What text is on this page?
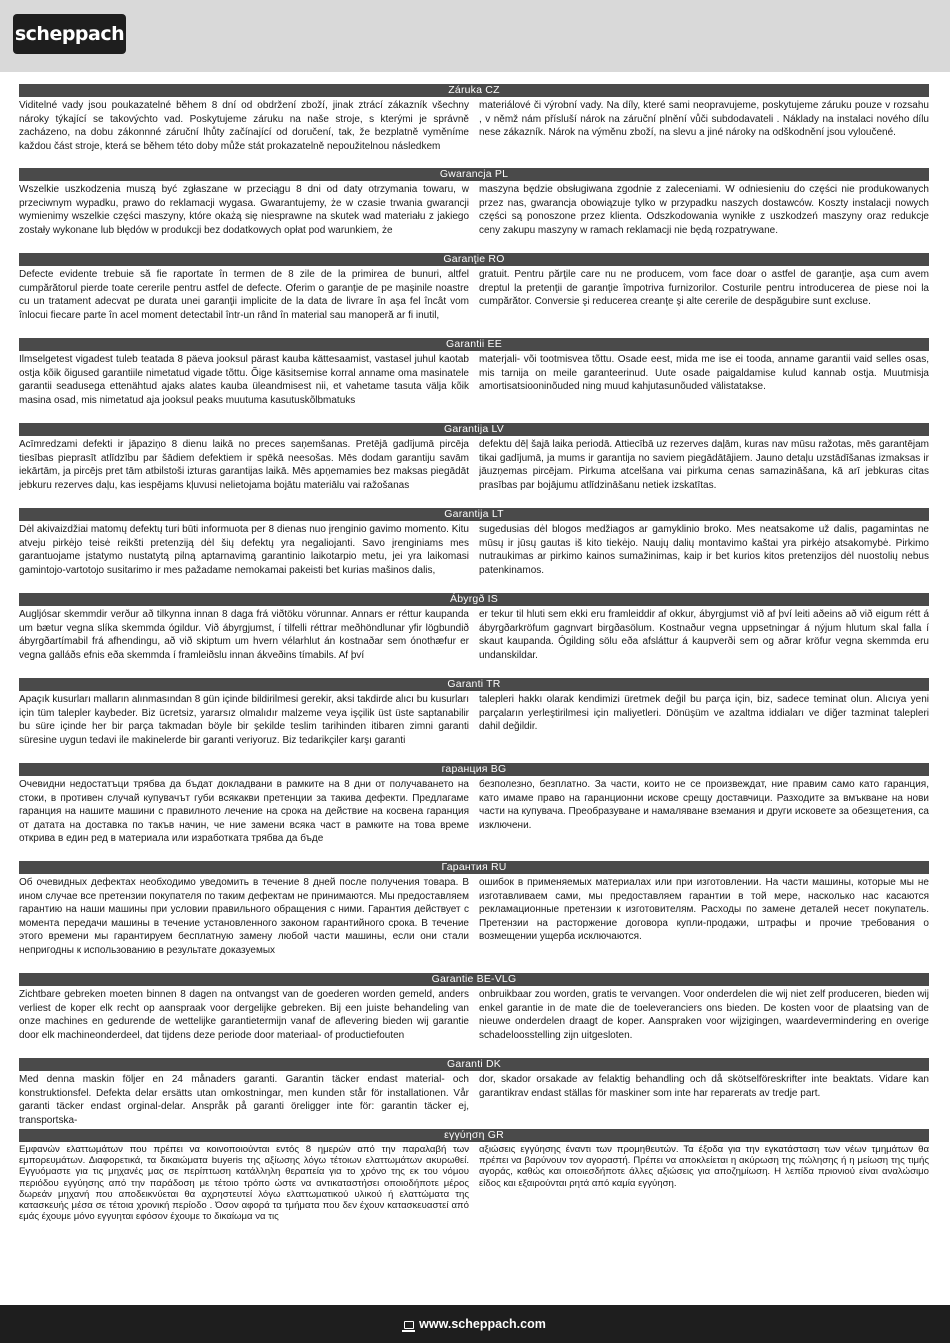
scheppach
Záruka CZ
Viditelné vady jsou poukazatelné během 8 dní od obdržení zboží, jinak ztrácí zákazník všechny nároky týkající se takovýchto vad. Poskytujeme záruku na naše stroje, s kterými je správně zacházeno, na dobu zákonnné záruční lhůty začínající od doručení, tak, že bezplatně vyměníme každou část stroje, která se během této doby může stát prokazatelně nepoužitelnou následkem
materiálové či výrobní vady. Na díly, které sami neopravujeme, poskytujeme záruku pouze v rozsahu , v němž nám přísluší nárok na záruční plnění vůči subdodavateli . Náklady na instalaci nového dílu nese zákazník. Nárok na výměnu zboží, na slevu a jiné nároky na odškodnění jsou vyloučené.
Gwarancja PL
Wszelkie uszkodzenia muszą być zgłaszane w przeciągu 8 dni od daty otrzymania towaru, w przeciwnym wypadku, prawo do reklamacji wygasa. Gwarantujemy, że w czasie trwania gwarancji wymienimy wszelkie części maszyny, które okażą się niesprawne na skutek wad materiału z jakiego zostały wykonane lub błędów w produkcji bez dodatkowych opłat pod warunkiem, że
maszyna będzie obsługiwana zgodnie z zaleceniami. W odniesieniu do części nie produkowanych przez nas, gwarancja obowiązuje tylko w przypadku naszych dostawców. Koszty instalacji nowych części są ponoszone przez klienta. Odszkodowania wynikłe z uszkodzeń maszyny oraz redukcje ceny zakupu maszyny w ramach reklamacji nie będą rozpatrywane.
Garanţie RO
Defecte evidente trebuie să fie raportate în termen de 8 zile de la primirea de bunuri, altfel cumpărătorul pierde toate cererile pentru astfel de defecte. Oferim o garanţie de pe maşinile noastre cu un tratament adecvat pe durata unei garanţii implicite de la data de livrare în aşa fel încât vom înlocui fiecare parte în acel moment detectabil într-un rând în material sau manoperă ar fi inutil,
gratuit. Pentru părţile care nu ne producem, vom face doar o astfel de garanţie, aşa cum avem dreptul la pretenţii de garanţie împotriva furnizorilor. Costurile pentru introducerea de piese noi la cumpărător. Conversie şi reducerea creanţe şi alte cererile de despăgubire sunt excluse.
Garantii EE
Ilmselgetest vigadest tuleb teatada 8 päeva jooksul pärast kauba kättesaamist, vastasel juhul kaotab ostja kõik õigused garantiile nimetatud vigade tõttu. Õige käsitsemise korral anname oma masinatele garantii seadusega ettenähtud ajaks alates kauba üleandmisest nii, et vahetame tasuta välja kõik masina osad, mis nimetatud aja jooksul peaks muutuma kasutuskõlbmatuks
materjali- või tootmisvea tõttu. Osade eest, mida me ise ei tooda, anname garantii vaid selles osas, mis tarnija on meile garanteerinud. Uute osade paigaldamise kulud kannab ostja. Muutmisja amortisatsiooninõuded ning muud kahjutasunõuded välistatakse.
Garantija LV
Acīmredzami defekti ir jāpaziņo 8 dienu laikā no preces saņemšanas. Pretējā gadījumā pircēja tiesības pieprasīt atlīdzību par šādiem defektiem ir spēkā neesošas. Mēs dodam garantiju savām iekārtām, ja pircējs pret tām atbilstoši izturas garantijas laikā. Mēs apņemamies bez maksas piegādāt jebkuru rezerves daļu, kas iespējams kļuvusi nelietojama bojātu materiālu vai ražošanas
defektu dēļ šajā laika periodā. Attiecībā uz rezerves daļām, kuras nav mūsu ražotas, mēs garantējam tikai gadījumā, ja mums ir garantija no saviem piegādātājiem. Jauno detaļu uzstādīšanas izmaksas ir jāuzņemas pircējam. Pirkuma atcelšana vai pirkuma cenas samazināšana, kā arī jebkuras citas prasības par bojājumu atlīdzināšanu netiek izskatītas.
Garantija LT
Dėl akivaizdžiai matomų defektų turi būti informuota per 8 dienas nuo įrenginio gavimo momento. Kitu atveju pirkėjo teisė reikšti pretenziją dėl šių defektų yra negaliojanti. Savo įrenginiams mes garantuojame įstatymo nustatytą pilną aptarnavimą garantinio laikotarpio metu, jei yra laikomasi gamintojo-vartotojo susitarimo ir mes pažadame nemokamai pakeisti bet kurias mašinos dalis,
sugedusias dėl blogos medžiagos ar gamyklinio broko. Mes neatsakome už dalis, pagamintas ne mūsų ir jūsų gautas iš kito tiekėjo. Naujų dalių montavimo kaštai yra pirkėjo atsakomybė. Pirkimo nutraukimas ar pirkimo kainos sumažinimas, kaip ir bet kurios kitos pretenzijos dėl nuostolių nebus patenkinamos.
Ábyrgð IS
Augljósar skemmdir verður að tilkynna innan 8 daga frá viðtöku vörunnar. Annars er réttur kaupanda um bætur vegna slíka skemmda ógildur. Við ábyrgjumst, í tilfelli réttrar meðhöndlunar yfir lögbundið ábyrgðartímabil frá afhendingu, að við skiptum um hvern vélarhlut án kostnaðar sem ónothæfur er vegna galláðs efnis eða skemmda í framleiðslu innan ákveðins tímabils. Af því
er tekur til hluti sem ekki eru framleiddir af okkur, ábyrgjumst við af því leiti aðeins að við eigum rétt á ábyrgðarkröfum gagnvart birgðasölum. Kostnaður vegna uppsetningar á nýjum hlutum skal falla í skaut kaupanda. Ógilding sölu eða afsláttur á kaupverði sem og aðrar kröfur vegna skemmda eru undanskildar.
Garanti TR
Apaçık kusurları malların alınmasından 8 gün içinde bildirilmesi gerekir, aksi takdirde alıcı bu kusurları için tüm talepler kaybeder. Biz ücretsiz, yararsız olmalıdır malzeme veya işçilik üst üste saptanabilir bu süre içinde her bir parça takmadan böyle bir şekilde teslim tarihinden itibaren zimni garanti süresine uygun tedavi ile makinelerde bir garanti veriyoruz. Biz tedarikçiler karşı garanti
talepleri hakkı olarak kendimizi üretmek değil bu parça için, biz, sadece teminat olun. Alıcıya yeni parçaların yerleştirilmesi için maliyetleri. Dönüşüm ve azaltma iddiaları ve diğer tazminat talepleri dahil değildir.
гаранция BG
Очевидни недостатъци трябва да бъдат докладвани в рамките на 8 дни от получаването на стоки, в противен случай купувачът губи всякакви претенции за такива дефекти. Предлагаме гаранция на нашите машини с правилното лечение на срока на действие на косвена гаранция от датата на доставка по такъв начин, че ние замени всяка част в рамките на това време открива в един ред в материала или изработката трябва да бъде
безполезно, безплатно. За части, които не се произвеждат, ние правим само като гаранция, като имаме право на гаранционни искове срещу доставчици. Разходите за вмъкване на нови части на купувача. Преобразуване и намаляване вземания и други исковете за обезщетения, са изключени.
Гарантия RU
Об очевидных дефектах необходимо уведомить в течение 8 дней после получения товара. В ином случае все претензии покупателя по таким дефектам не принимаются. Мы предоставляем гарантию на наши машины при условии правильного обращения с ними. Гарантия действует с момента передачи машины в течение установленного законом гарантийного срока. В течение этого времени мы гарантируем бесплатную замену любой части машины, если они стали непригодны к использованию в результате доказуемых
ошибок в применяемых материалах или при изготовлении. На части машины, которые мы не изготавливаем сами, мы предоставляем гарантии в той мере, насколько нас касаются рекламационные претензии к изготовителям. Расходы по замене деталей несет покупатель. Претензии на расторжение договора купли-продажи, штрафы и прочие требования о возмещении ущерба исключаются.
Garantie BE-VLG
Zichtbare gebreken moeten binnen 8 dagen na ontvangst van de goederen worden gemeld, anders verliest de koper elk recht op aanspraak voor dergelijke gebreken. Bij een juiste behandeling van onze machines en gedurende de wettelijke garantietermijn vanaf de aflevering bieden wij garantie door elk machineonderdeel, dat tijdens deze periode door materiaal- of productiefouten
onbruikbaar zou worden, gratis te vervangen. Voor onderdelen die wij niet zelf produceren, bieden wij enkel garantie in de mate die de toeleveranciers ons bieden. De kosten voor de plaatsing van de nieuwe onderdelen draagt de koper. Aanspraken voor wijzigingen, waardevermindering en overige schadeloosstelling zijn uitgesloten.
Garanti DK
Med denna maskin följer en 24 månaders garanti. Garantin täcker endast material- och konstruktionsfel. Defekta delar ersätts utan omkostningar, men kunden står för installationen. Vår garanti täcker endast orginal-delar. Anspråk på garanti öreligger inte för: garantin täcker ej, transportska-
dor, skador orsakade av felaktig behandling och då skötselföreskrifter inte beaktats. Vidare kan garantikrav endast ställas för maskiner som inte har reparerats av tredje part.
εγγύηση GR
Εμφανών ελαττωμάτων που πρέπει να κοινοποιούνται εντός 8 ημερών από την παραλαβή των εμπορευμάτων. Διαφορετικά, τα δικαιώματα buyeris της αξίωσης λόγω τέτοιων ελαττωμάτων ακυρωθεί. Εγγυόμαστε για τις μηχανές μας σε περίπτωση κατάλληλη θεραπεία για το χρόνο της εκ του νόμου περιόδου εγγύησης από την παράδοση με τέτοιο τρόπο ώστε να αντικαταστήσει οποιοδήποτε μέρος δωρεάν μηχανή που αποδεικνύεται θα αχρηστευτεί λόγω ελαττωματικού υλικού ή ελαττώματα της κατασκευής μέσα σε τέτοια χρονική περίοδο . Όσον αφορά τα τμήματα που δεν έχουν κατασκευαστεί από εμάς έχουμε μόνο εγγυηται εφόσον έχουμε το δικαίωμα να τις
αξιώσεις εγγύησης έναντι των προμηθευτών. Τα έξοδα για την εγκατάσταση των νέων τμημάτων θα πρέπει να βαρύνουν τον αγοραστή. Πρέπει να αποκλείεται η ακύρωση της πώλησης ή η μείωση της τιμής αγοράς, καθώς και οποιεσδήποτε άλλες αξιώσεις για αποζημίωση. Η λεπίδα πριονιού είναι αναλώσιμο είδος και εξαιρούνται ρητά από καμία εγγύηση.
www.scheppach.com
